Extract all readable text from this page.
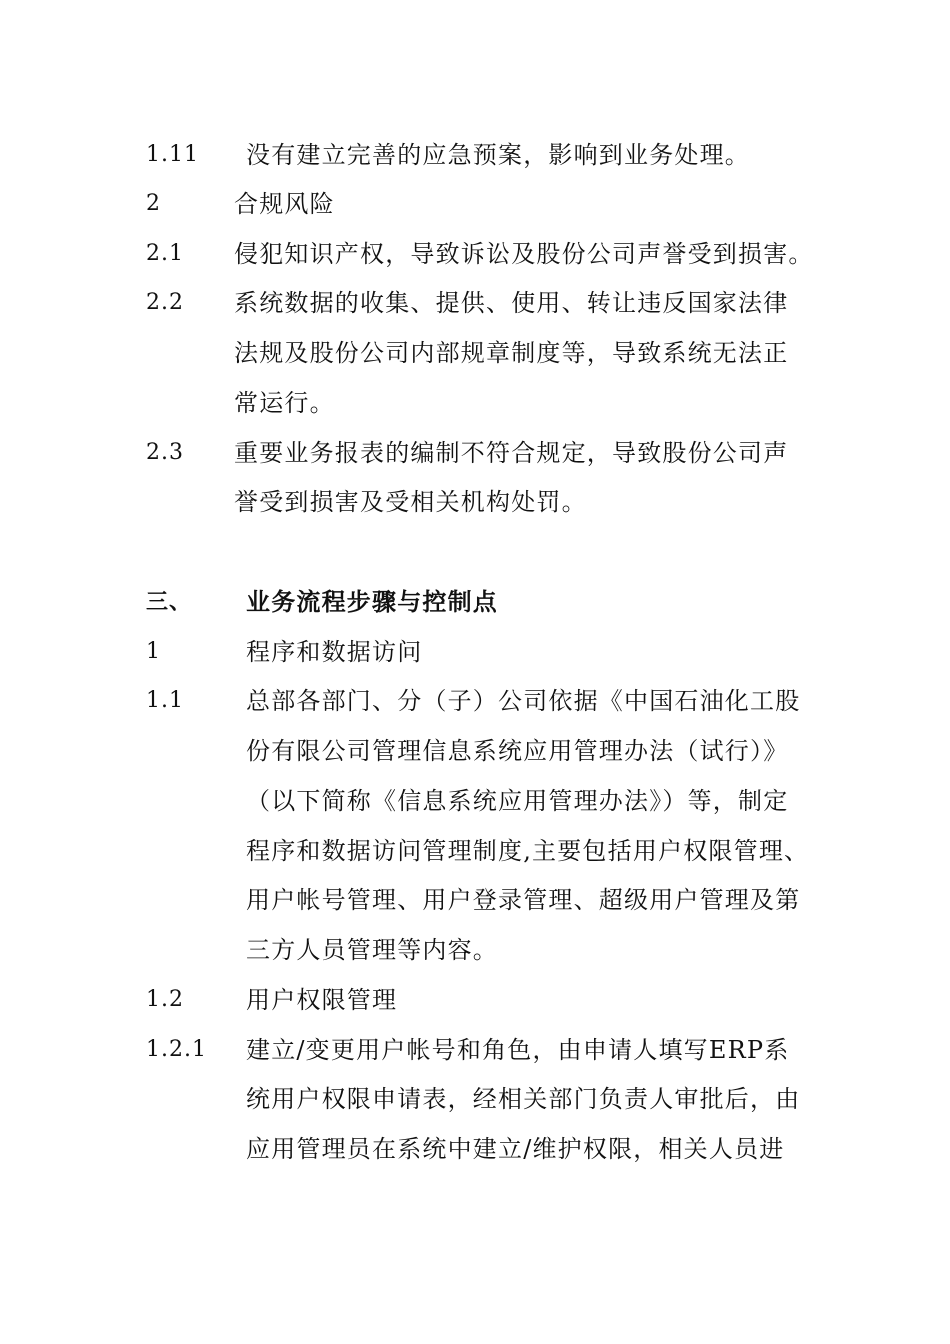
1.11 没有建立完善的应急预案，影响到业务处理。
2	合规风险
2.1 侵犯知识产权，导致诉讼及股份公司声誉受到损害。
2.2 系统数据的收集、提供、使用、转让违反国家法律
法规及股份公司内部规章制度等，导致系统无法正
常运行。
2.3 重要业务报表的编制不符合规定，导致股份公司声
誉受到损害及受相关机构处罚。
三、 业务流程步骤与控制点
1	程序和数据访问
1.1	总部各部门、分（子）公司依据《中国石油化工股
份有限公司管理信息系统应用管理办法（试行）》
（以下简称《信息系统应用管理办法》）等，制定
程序和数据访问管理制度,主要包括用户权限管理、
用户帐号管理、用户登录管理、超级用户管理及第
三方人员管理等内容。
1.2	用户权限管理
1.2.1 建立/变更用户帐号和角色，由申请人填写ERP系
统用户权限申请表，经相关部门负责人审批后，由
应用管理员在系统中建立/维护权限，相关人员进
